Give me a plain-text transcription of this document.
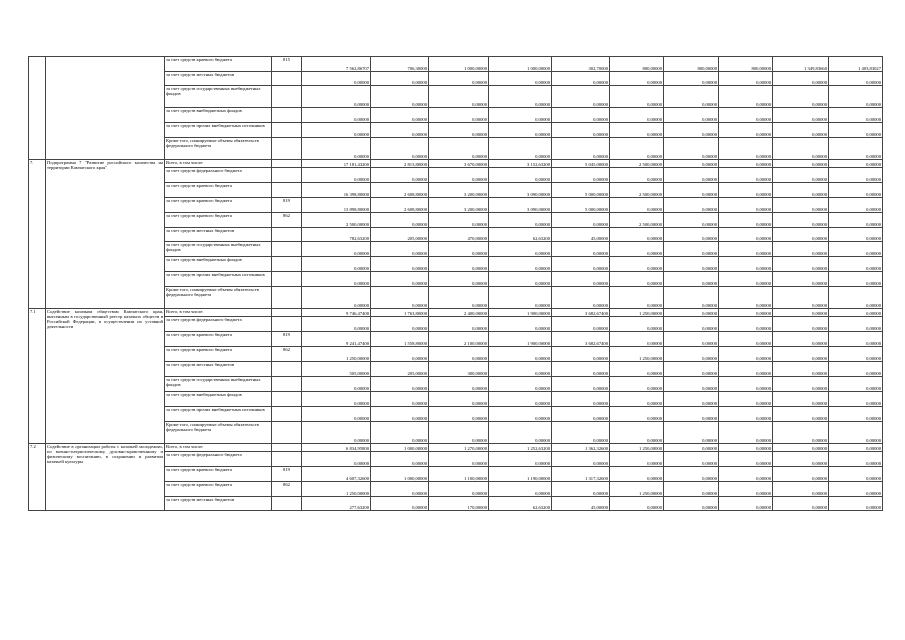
		за счет средств краевого бюджета	815	7 562,86707	706,30000	1 000,00000	1 000,00000	302,70000	800,00000	800,00000	800,00000	1 349,83660	1 403,83027
		за счет средств местных бюджетов		0,00000	0,00000	0,00000	0,00000	0,00000	0,00000	0,00000	0,00000	0,00000	0,00000
		за счет средств государственных внебюджетных фондов		0,00000	0,00000	0,00000	0,00000	0,00000	0,00000	0,00000	0,00000	0,00000	0,00000
		за счет средств внебюджетных фондов		0,00000	0,00000	0,00000	0,00000	0,00000	0,00000	0,00000	0,00000	0,00000	0,00000
		за счет средств прочих внебюджетных источников		0,00000	0,00000	0,00000	0,00000	0,00000	0,00000	0,00000	0,00000	0,00000	0,00000
		Кроме того, планируемые объемы обязательств федерального бюджета		0,00000	0,00000	0,00000	0,00000	0,00000	0,00000	0,00000	0,00000	0,00000	0,00000
7.	Подпрограмма 7 "Развитие российского казачества на территории Камчатского края"	Всего, в том числе:		17 181,43200	2 813,80000	3 670,00000	3 152,63200	5 045,00000	2 500,00000	0,00000	0,00000	0,00000	0,00000
		за счет средств федерального бюджета		0,00000	0,00000	0,00000	0,00000	0,00000	0,00000	0,00000	0,00000	0,00000	0,00000
		за счет средств краевого бюджета		16 398,80000	2 608,80000	3 200,00000	3 090,00000	5 000,00000	2 500,00000	0,00000	0,00000	0,00000	0,00000
		за счет средств краевого бюджета	819	13 898,80000	2 608,80000	3 200,00000	3 090,00000	5 000,00000	0,00000	0,00000	0,00000	0,00000	0,00000
		за счет средств краевого бюджета	862	2 500,00000	0,00000	0,00000	0,00000	0,00000	2 500,00000	0,00000	0,00000	0,00000	0,00000
		за счет средств местных бюджетов		782,63200	205,00000	470,00000	62,63200	45,00000	0,00000	0,00000	0,00000	0,00000	0,00000
		за счет средств государственных внебюджетных фондов		0,00000	0,00000	0,00000	0,00000	0,00000	0,00000	0,00000	0,00000	0,00000	0,00000
		за счет средств внебюджетных фондов		0,00000	0,00000	0,00000	0,00000	0,00000	0,00000	0,00000	0,00000	0,00000	0,00000
		за счет средств прочих внебюджетных источников		0,00000	0,00000	0,00000	0,00000	0,00000	0,00000	0,00000	0,00000	0,00000	0,00000
		Кроме того, планируемые объемы обязательств федерального бюджета		0,00000	0,00000	0,00000	0,00000	0,00000	0,00000	0,00000	0,00000	0,00000	0,00000
7.1	Содействие казачьим обществам Камчатского края, внесенным в государственный реестр казачьих обществ в Российской Федерации, в осуществлении их уставной деятельности	Всего, в том числе:		9 746,47400	1 763,80000	2 400,00000	1 900,00000	3 682,67400	1 250,00000	0,00000	0,00000	0,00000	0,00000
		за счет средств федерального бюджета		0,00000	0,00000	0,00000	0,00000	0,00000	0,00000	0,00000	0,00000	0,00000	0,00000
		за счет средств краевого бюджета	819	9 241,47400	1 558,80000	2 100,00000	1 900,00000	3 682,67400	0,00000	0,00000	0,00000	0,00000	0,00000
		за счет средств краевого бюджета	862	1 250,00000	0,00000	0,00000	0,00000	0,00000	1 250,00000	0,00000	0,00000	0,00000	0,00000
		за счет средств местных бюджетов		505,00000	205,00000	300,00000	0,00000	0,00000	0,00000	0,00000	0,00000	0,00000	0,00000
		за счет средств государственных внебюджетных фондов		0,00000	0,00000	0,00000	0,00000	0,00000	0,00000	0,00000	0,00000	0,00000	0,00000
		за счет средств внебюджетных фондов		0,00000	0,00000	0,00000	0,00000	0,00000	0,00000	0,00000	0,00000	0,00000	0,00000
		за счет средств прочих внебюджетных источников		0,00000	0,00000	0,00000	0,00000	0,00000	0,00000	0,00000	0,00000	0,00000	0,00000
		Кроме того, планируемые объемы обязательств федерального бюджета		0,00000	0,00000	0,00000	0,00000	0,00000	0,00000	0,00000	0,00000	0,00000	0,00000
7.2	Содействие в организации работы с казачьей молодежью, по военно-патриотическому, духовно-нравственному и физическому воспитанию, в сохранении и развитии казачьей культуры	Всего, в том числе:		6 834,95800	1 000,00000	1 270,00000	1 252,63200	1 362,32600	1 250,00000	0,00000	0,00000	0,00000	0,00000
		за счет средств федерального бюджета		0,00000	0,00000	0,00000	0,00000	0,00000	0,00000	0,00000	0,00000	0,00000	0,00000
		за счет средств краевого бюджета	819	4 607,32600	1 000,00000	1 100,00000	1 190,00000	1 317,32600	0,00000	0,00000	0,00000	0,00000	0,00000
		за счет средств краевого бюджета	862	1 250,00000	0,00000	0,00000	0,00000	0,00000	1 250,00000	0,00000	0,00000	0,00000	0,00000
		за счет средств местных бюджетов		277,63200	0,00000	170,00000	62,63200	45,00000	0,00000	0,00000	0,00000	0,00000	0,00000
